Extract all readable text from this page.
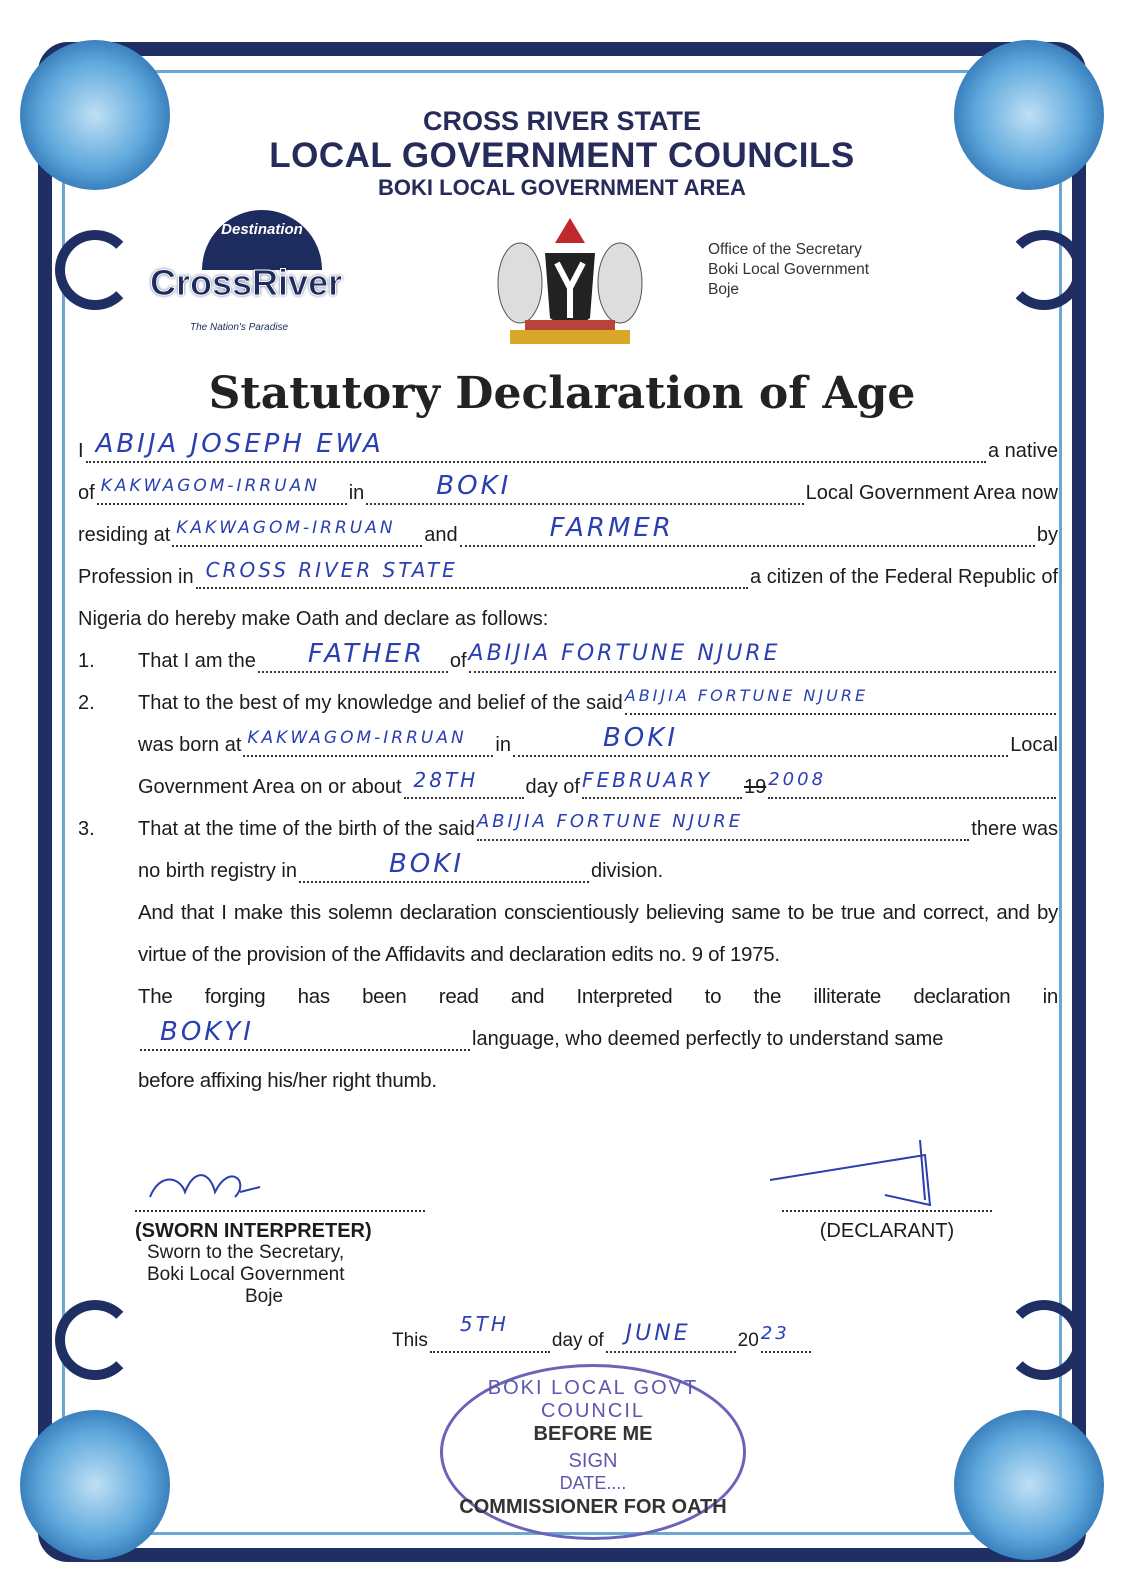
CROSS RIVER STATE
LOCAL GOVERNMENT COUNCILS
BOKI LOCAL GOVERNMENT AREA
Destination
CrossRiver
The Nation's Paradise
Office of the Secretary
Boki Local Government
Boje
Statutory Declaration of Age
I ABIJA JOSEPH EWA	a native
of KAKWAGOM-IRRUAN in	BOKI	Local Government Area now
residing at KAKWAGOM-IRRUAN and	FARMER	by
Profession in CROSS RIVER STATE	a citizen of the Federal Republic of
Nigeria do hereby make Oath and declare as follows:
1.	That I am the FATHER of ABIJIA FORTUNE NJURE
2.	That to the best of my knowledge and belief of the said ABIJIA FORTUNE NJURE
was born at KAKWAGOM-IRRUAN in	BOKI	Local
Government Area on or about 28TH day of FEBRUARY 19 2008
3.	That at the time of the birth of the said ABIJIA FORTUNE NJURE	there was
no birth registry in	BOKI	division.
And that I make this solemn declaration conscientiously believing same to be true and correct, and by virtue of the provision of the Affidavits and declaration edits no. 9 of 1975.
The forging has been read and Interpreted to the illiterate declaration in
BOKYI	language, who deemed perfectly to understand same
before affixing his/her right thumb.
(SWORN INTERPRETER)
Sworn to the Secretary,
Boki Local Government
Boje
(DECLARANT)
This
5TH
day of JUNE 20 23
BOKI LOCAL GOVT COUNCIL
BEFORE ME
SIGN
DATE....
COMMISSIONER FOR OATH
